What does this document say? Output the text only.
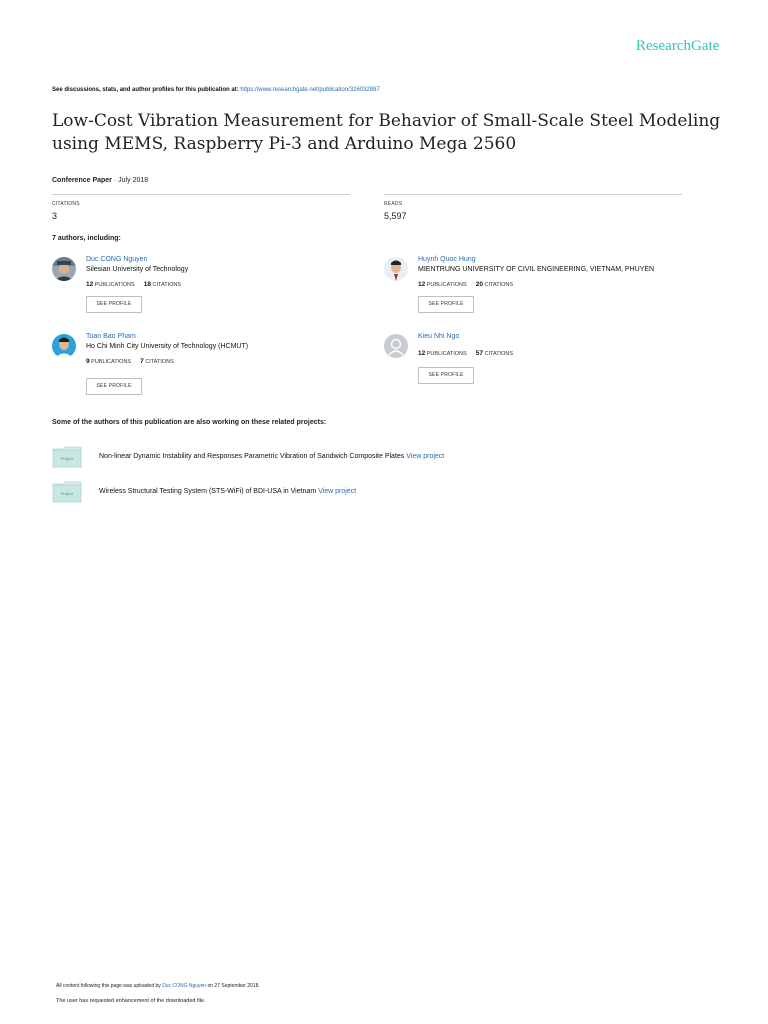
ResearchGate
See discussions, stats, and author profiles for this publication at: https://www.researchgate.net/publication/326032887
Low-Cost Vibration Measurement for Behavior of Small-Scale Steel Modeling using MEMS, Raspberry Pi-3 and Arduino Mega 2560
Conference Paper · July 2018
CITATIONS
3
READS
5,597
7 authors, including:
Duc CONG Nguyen
Silesian University of Technology
12 PUBLICATIONS 18 CITATIONS
SEE PROFILE
Huynh Quoc Hung
MIENTRUNG UNIVERSITY OF CIVIL ENGINEERING, VIETNAM, PHUYEN
12 PUBLICATIONS 20 CITATIONS
SEE PROFILE
Toan Bao Pham
Ho Chi Minh City University of Technology (HCMUT)
9 PUBLICATIONS 7 CITATIONS
SEE PROFILE
Kieu Nhi Ngo
12 PUBLICATIONS 57 CITATIONS
SEE PROFILE
Some of the authors of this publication are also working on these related projects:
Project	Non-linear Dynamic Instability and Responses Parametric Vibration of Sandwich Composite Plates View project
Project	Wireless Structural Testing System (STS-WiFi) of BDI-USA in Vietnam View project
All content following this page was uploaded by Duc CONG Nguyen on 27 September 2018.
The user has requested enhancement of the downloaded file.
